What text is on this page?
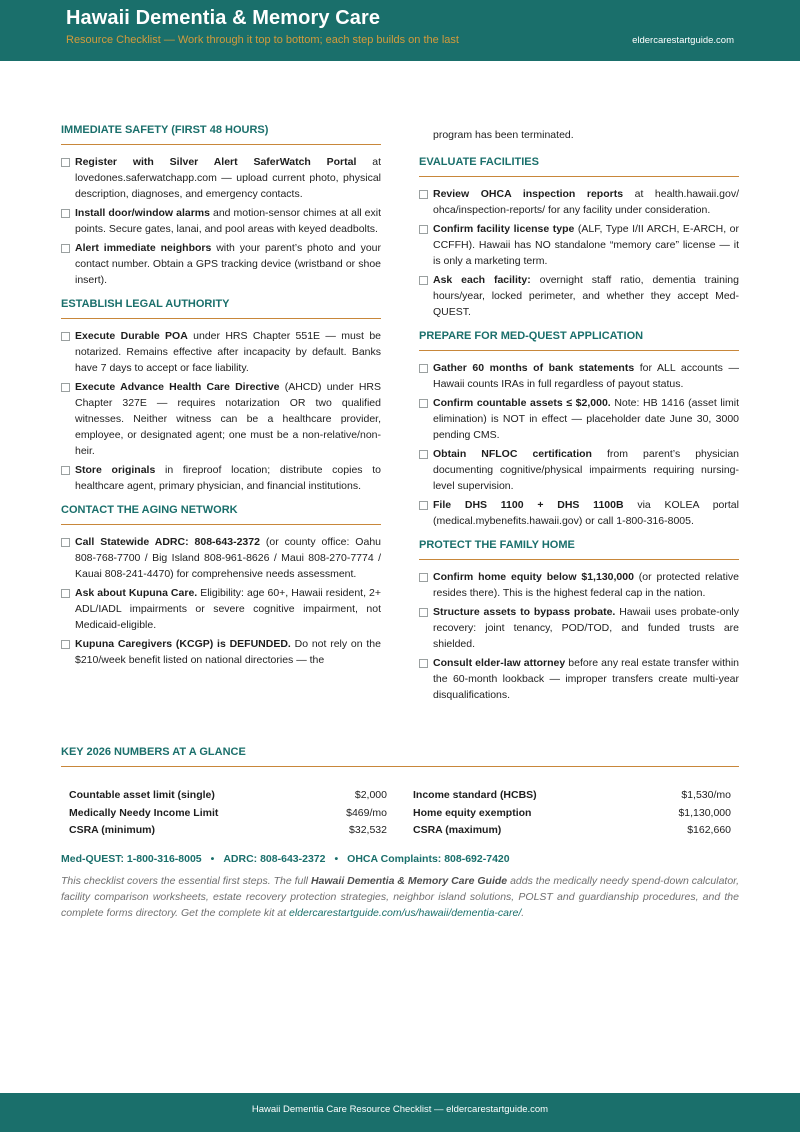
Hawaii Dementia & Memory Care
Resource Checklist — Work through it top to bottom; each step builds on the last	eldercarestartguide.com
IMMEDIATE SAFETY (FIRST 48 HOURS)
Register with Silver Alert SaferWatch Portal at lovedones.saferwatchapp.com — upload current photo, physical description, diagnoses, and emergency contacts.
Install door/window alarms and motion-sensor chimes at all exit points. Secure gates, lanai, and pool areas with keyed deadbolts.
Alert immediate neighbors with your parent’s photo and your contact number. Obtain a GPS tracking device (wristband or shoe insert).
ESTABLISH LEGAL AUTHORITY
Execute Durable POA under HRS Chapter 551E — must be notarized. Remains effective after incapacity by default. Banks have 7 days to accept or face liability.
Execute Advance Health Care Directive (AHCD) under HRS Chapter 327E — requires notarization OR two qualified witnesses. Neither witness can be a healthcare provider, employee, or designated agent; one must be a non-relative/non-heir.
Store originals in fireproof location; distribute copies to healthcare agent, primary physician, and financial institutions.
CONTACT THE AGING NETWORK
Call Statewide ADRC: 808-643-2372 (or county office: Oahu 808-768-7700 / Big Island 808-961-8626 / Maui 808-270-7774 / Kauai 808-241-4470) for comprehensive needs assessment.
Ask about Kupuna Care. Eligibility: age 60+, Hawaii resident, 2+ ADL/IADL impairments or severe cognitive impairment, not Medicaid-eligible.
Kupuna Caregivers (KCGP) is DEFUNDED. Do not rely on the $210/week benefit listed on national directories — the
program has been terminated.
EVALUATE FACILITIES
Review OHCA inspection reports at health.hawaii.gov/ ohca/inspection-reports/ for any facility under consideration.
Confirm facility license type (ALF, Type I/II ARCH, E-ARCH, or CCFFH). Hawaii has NO standalone “memory care” license — it is only a marketing term.
Ask each facility: overnight staff ratio, dementia training hours/year, locked perimeter, and whether they accept Med-QUEST.
PREPARE FOR MED-QUEST APPLICATION
Gather 60 months of bank statements for ALL accounts — Hawaii counts IRAs in full regardless of payout status.
Confirm countable assets ≤ $2,000. Note: HB 1416 (asset limit elimination) is NOT in effect — placeholder date June 30, 3000 pending CMS.
Obtain NFLOC certification from parent’s physician documenting cognitive/physical impairments requiring nursing-level supervision.
File DHS 1100 + DHS 1100B via KOLEA portal (medical.mybenefits.hawaii.gov) or call 1-800-316-8005.
PROTECT THE FAMILY HOME
Confirm home equity below $1,130,000 (or protected relative resides there). This is the highest federal cap in the nation.
Structure assets to bypass probate. Hawaii uses probate-only recovery: joint tenancy, POD/TOD, and funded trusts are shielded.
Consult elder-law attorney before any real estate transfer within the 60-month lookback — improper transfers create multi-year disqualifications.
KEY 2026 NUMBERS AT A GLANCE
Countable asset limit (single)	$2,000
Medically Needy Income Limit	$469/mo
CSRA (minimum)	$32,532
Income standard (HCBS)	$1,530/mo
Home equity exemption	$1,130,000
CSRA (maximum)	$162,660
Med-QUEST: 1-800-316-8005 • ADRC: 808-643-2372 • OHCA Complaints: 808-692-7420
This checklist covers the essential first steps. The full Hawaii Dementia & Memory Care Guide adds the medically needy spend-down calculator, facility comparison worksheets, estate recovery protection strategies, neighbor island solutions, POLST and guardianship procedures, and the complete forms directory. Get the complete kit at eldercarestartguide.com/us/hawaii/dementia-care/.
Hawaii Dementia Care Resource Checklist — eldercarestartguide.com
